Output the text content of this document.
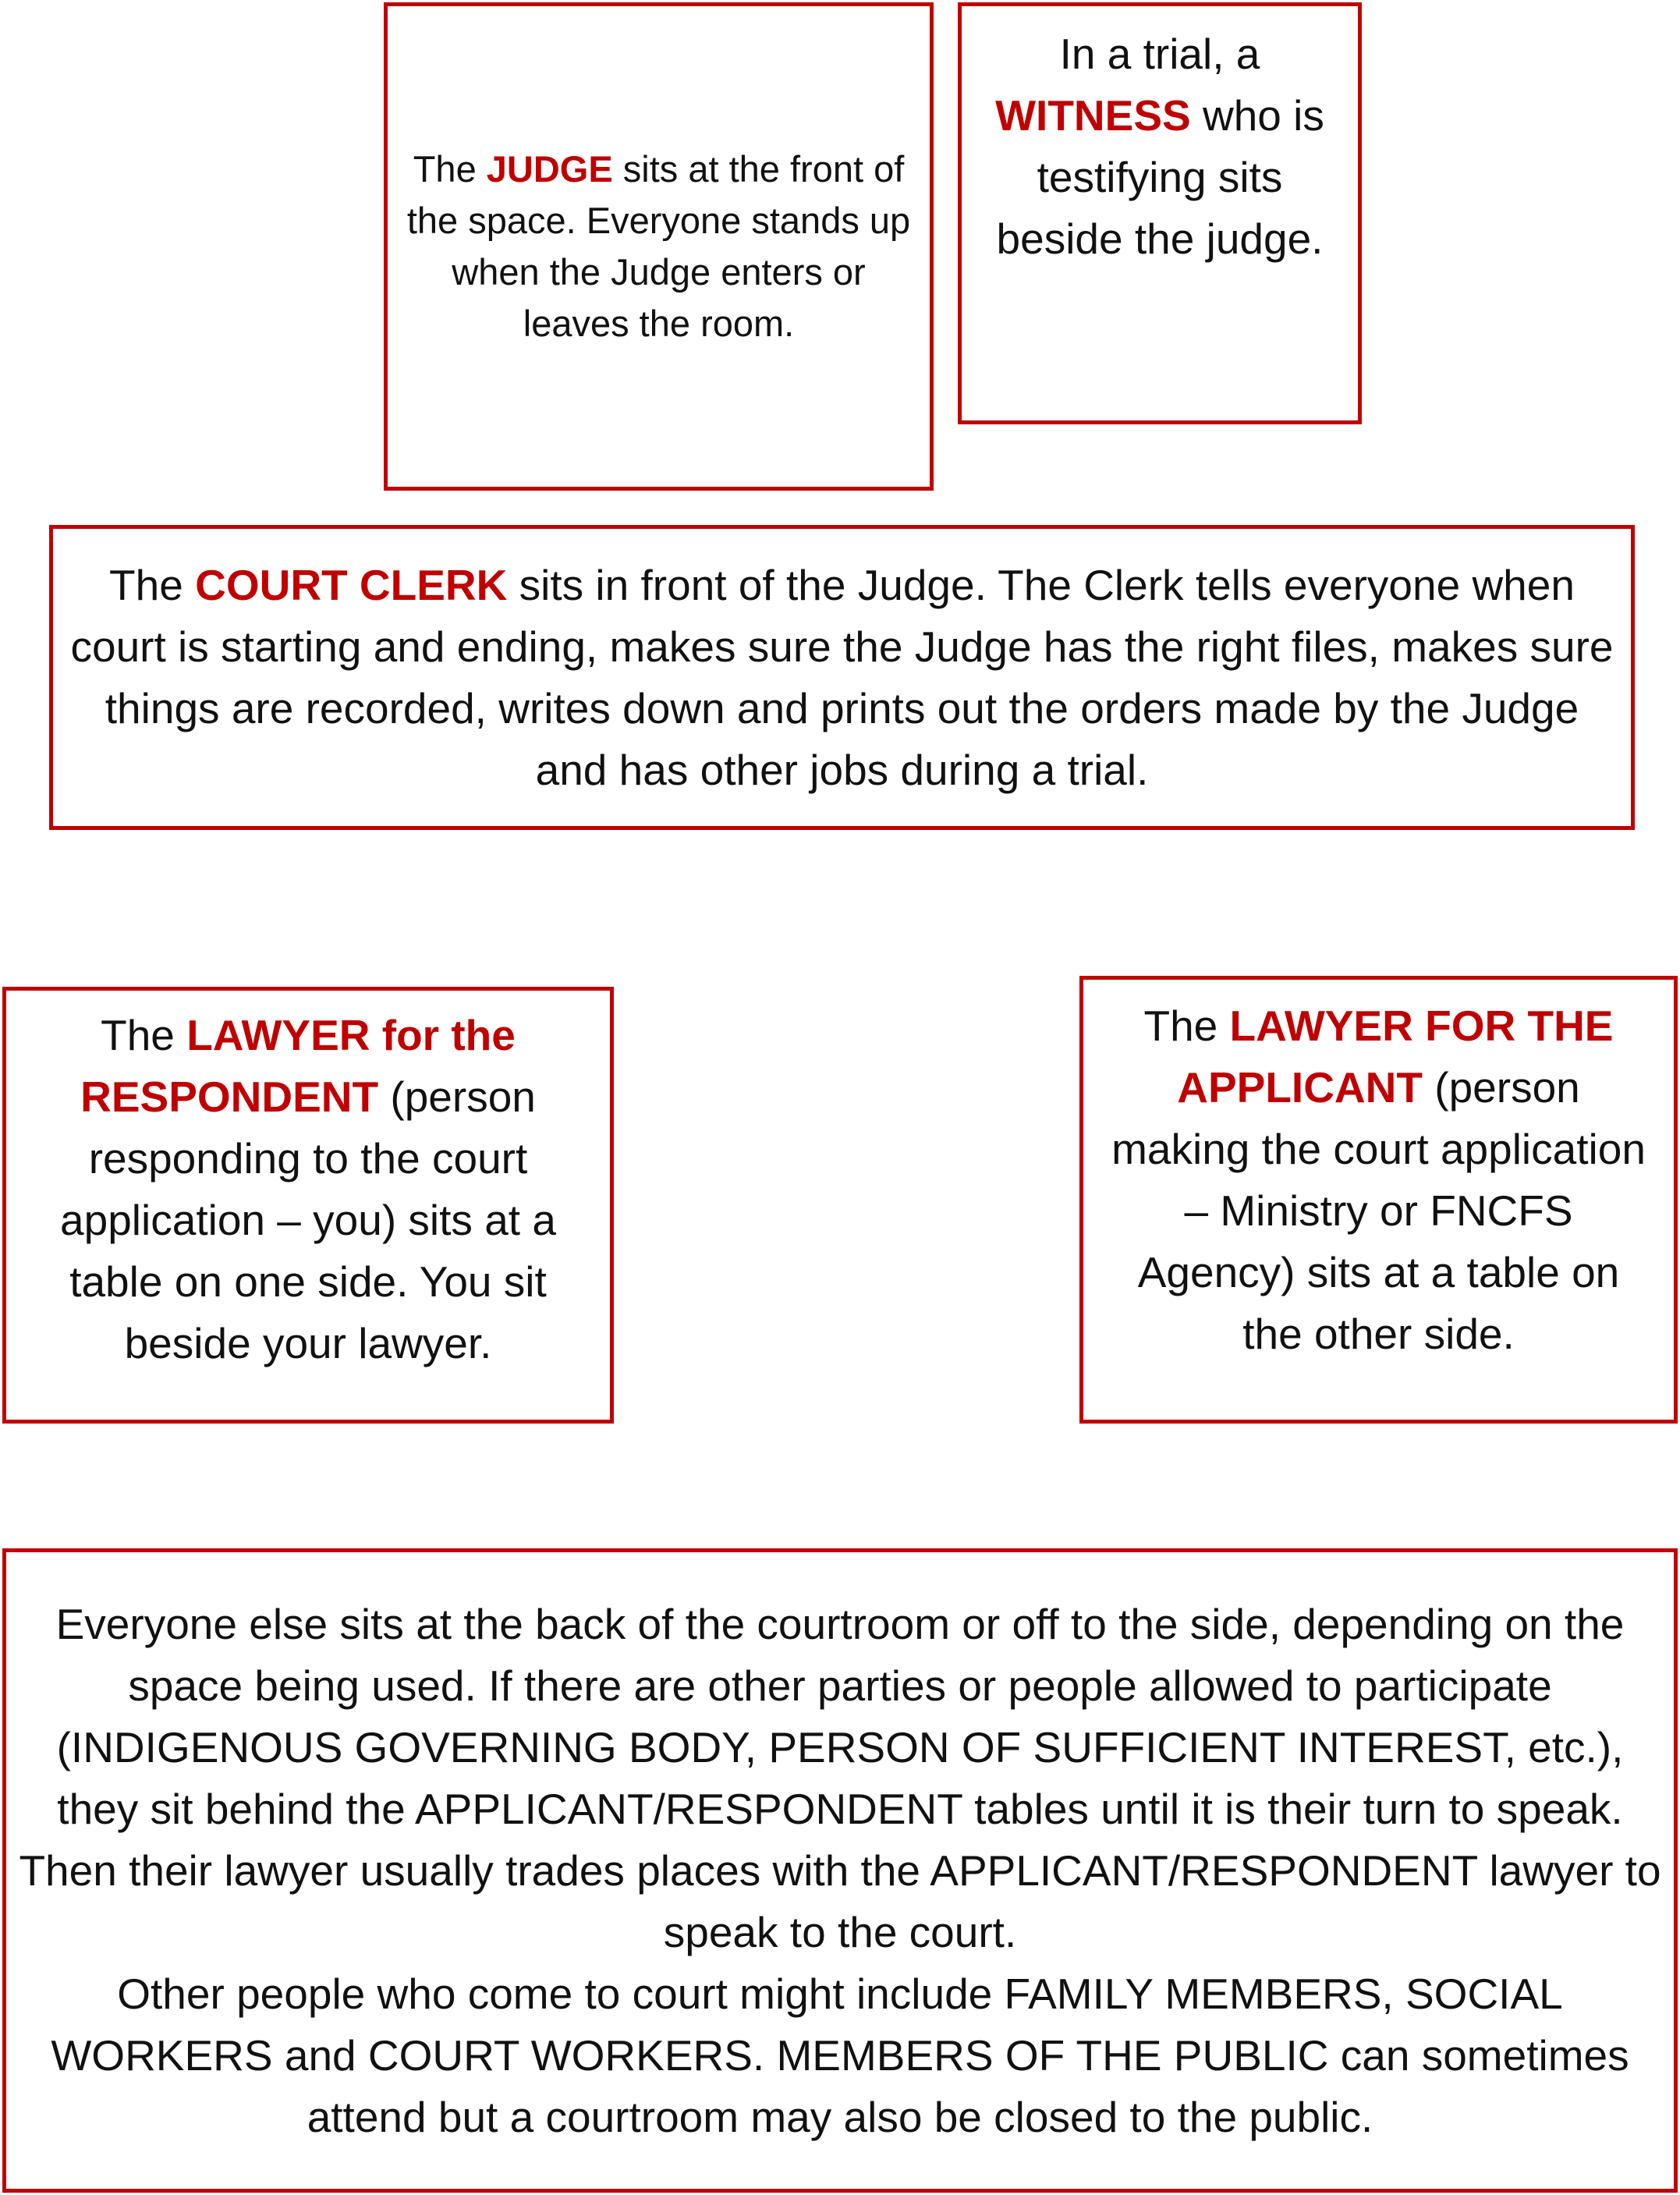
The JUDGE sits at the front of the space. Everyone stands up when the Judge enters or leaves the room.

In a trial, a WITNESS who is testifying sits beside the judge.

The COURT CLERK sits in front of the Judge. The Clerk tells everyone when court is starting and ending, makes sure the Judge has the right files, makes sure things are recorded, writes down and prints out the orders made by the Judge and has other jobs during a trial.

The LAWYER for the RESPONDENT (person responding to the court application – you) sits at a table on one side. You sit beside your lawyer.

The LAWYER FOR THE APPLICANT (person making the court application – Ministry or FNCFS Agency) sits at a table on the other side.

Everyone else sits at the back of the courtroom or off to the side, depending on the space being used. If there are other parties or people allowed to participate (INDIGENOUS GOVERNING BODY, PERSON OF SUFFICIENT INTEREST, etc.), they sit behind the APPLICANT/RESPONDENT tables until it is their turn to speak. Then their lawyer usually trades places with the APPLICANT/RESPONDENT lawyer to speak to the court.
Other people who come to court might include FAMILY MEMBERS, SOCIAL WORKERS and COURT WORKERS. MEMBERS OF THE PUBLIC can sometimes attend but a courtroom may also be closed to the public.
